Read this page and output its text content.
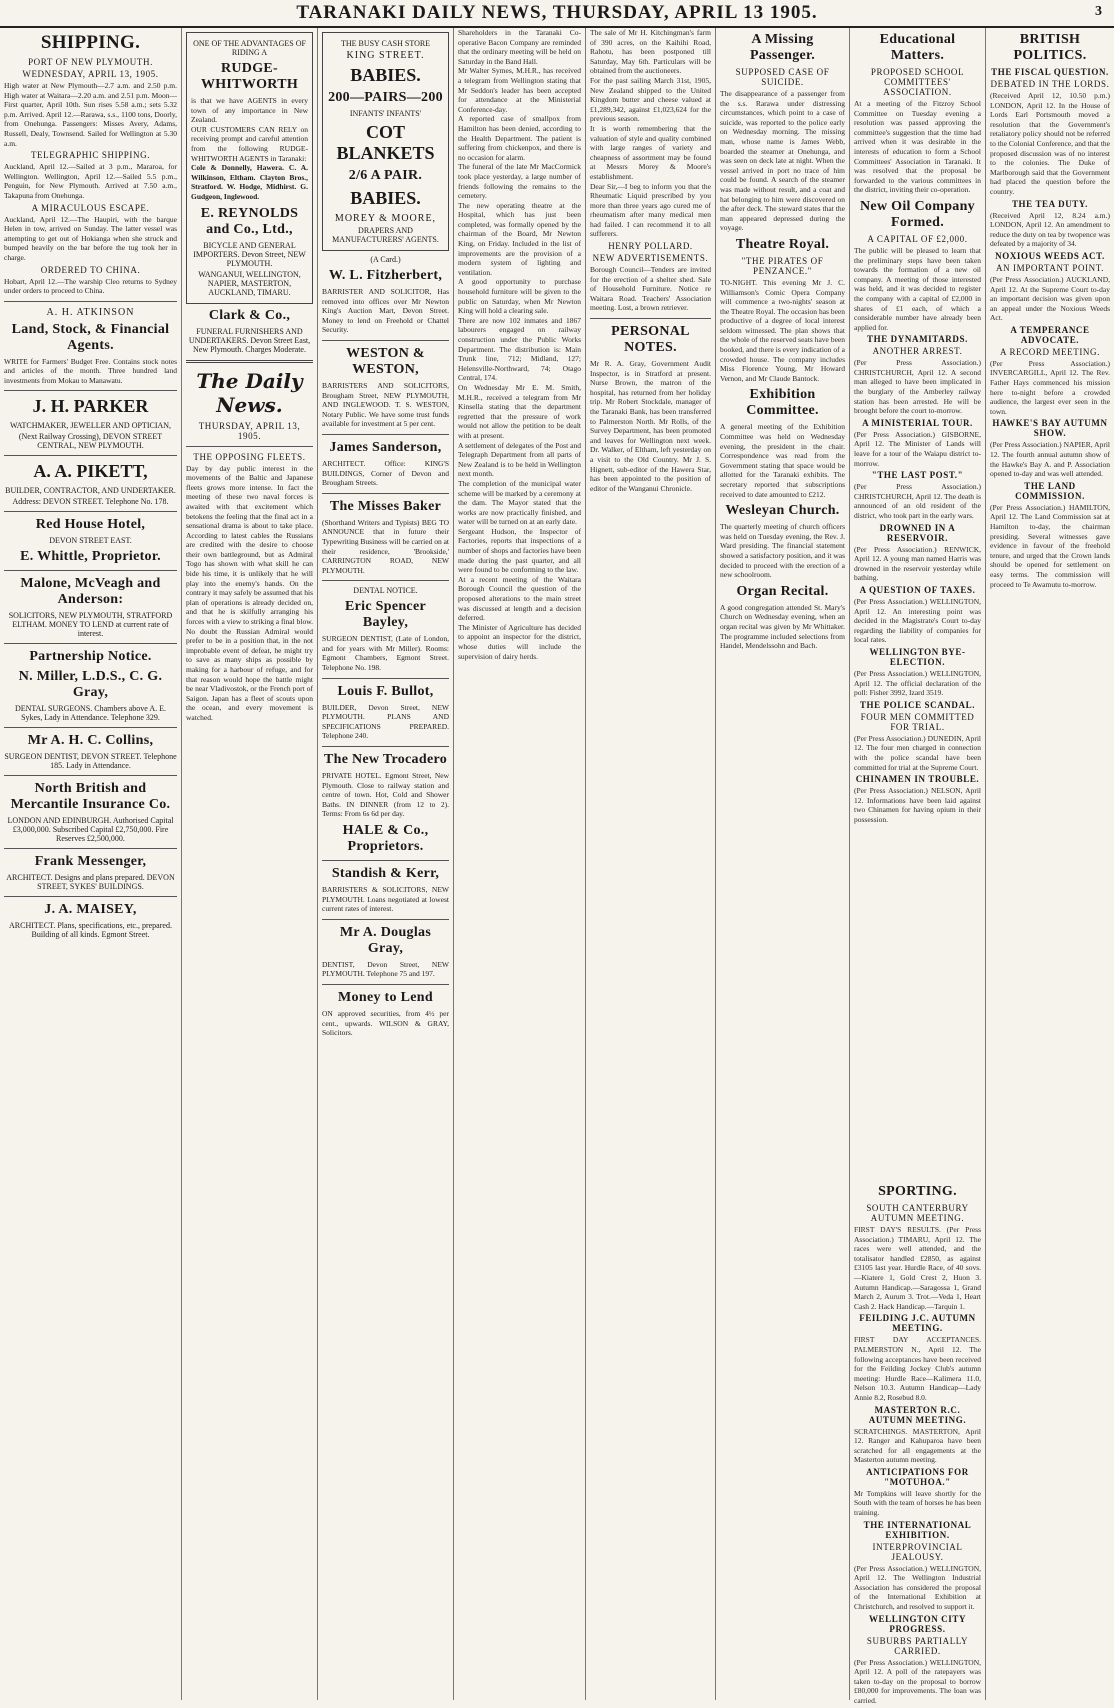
TARANAKI DAILY NEWS, THURSDAY, APRIL 13 1905.	3
SHIPPING.
PORT OF NEW PLYMOUTH.
WEDNESDAY, APRIL 13, 1905.

High water at New Plymouth—2.7 a.m. and 2.50 p.m. High water at Waitara—2.20 a.m. and 2.51 p.m. Moon—First quarter, April 10th. Sun rises 5.58 a.m.; sets 5.32 p.m. Arrived. April 12.—Rarawa, s.s., 1100 tons, Doorly, from Onehunga. Passengers: Misses Avery, Adams, Russell, Dealy, Townsend. Sailed for Wellington at 5.30 a.m.

TELEGRAPHIC SHIPPING.

Auckland, April 12.—Sailed at 3 p.m., Mararoa, for Wellington. Wellington, April 12.—Sailed 5.5 p.m., Penguin, for New Plymouth. Arrived at 7.50 a.m., Takapuna from Onehunga.

A MIRACULOUS ESCAPE.

Auckland, April 12.—The Haupiri, with the barque Helen in tow, arrived on Sunday. The latter vessel was attempting to get out of Hokianga when she struck and bumped heavily on the bar before the tug took her in charge.

ORDERED TO CHINA.

Hobart, April 12.—The warship Cleo returns to Sydney under orders to proceed to China.

A. H. ATKINSON
Land, Stock, & Financial Agents.

WRITE for Farmers' Budget Free. Contains stock notes and articles of the month. Three hundred land investments from Mokau to Manawatu.

J. H. PARKER
WATCHMAKER, JEWELLER AND OPTICIAN,
(Next Railway Crossing), DEVON STREET CENTRAL, NEW PLYMOUTH.
A. A. PIKETT,
BUILDER, CONTRACTOR, AND UNDERTAKER.
Address: DEVON STREET. Telephone No. 178.
Red House Hotel,
DEVON STREET EAST.
E. Whittle, Proprietor.
Malone, McVeagh and Anderson:
SOLICITORS, NEW PLYMOUTH, STRATFORD ELTHAM. MONEY TO LEND at current rate of interest.
Partnership Notice.
N. Miller, L.D.S., C. G. Gray,
DENTAL SURGEONS. Chambers above A. E. Sykes, Lady in Attendance. Telephone 329.
Mr A. H. C. Collins,
SURGEON DENTIST, DEVON STREET. Telephone 185. Lady in Attendance.
North British and Mercantile Insurance Co.
LONDON AND EDINBURGH. Authorised Capital £3,000,000. Subscribed Capital £2,750,000. Fire Reserves £2,500,000.
Frank Messenger,
ARCHITECT. Designs and plans prepared. DEVON STREET, SYKES' BUILDINGS.
J. A. MAISEY,
ARCHITECT. Plans, specifications, etc., prepared. Building of all kinds. Egmont Street.
ONE OF THE ADVANTAGES OF RIDING A
RUDGE-WHITWORTH

is that we have AGENTS in every town of any importance in New Zealand.

OUR CUSTOMERS CAN RELY on receiving prompt and careful attention from the following RUDGE-WHITWORTH AGENTS in Taranaki:

Cole & Donnelly, Hawera. C. A. Wilkinson, Eltham. Clayton Bros., Stratford. W. Hodge, Midhirst. G. Gudgeon, Inglewood.

E. REYNOLDS and Co., Ltd.,
BICYCLE AND GENERAL IMPORTERS. Devon Street, NEW PLYMOUTH.
WANGANUI, WELLINGTON, NAPIER, MASTERTON, AUCKLAND, TIMARU.
Clark & Co.,
FUNERAL FURNISHERS AND UNDERTAKERS. Devon Street East, New Plymouth. Charges Moderate.
The Daily News.
THURSDAY, APRIL 13, 1905.
THE OPPOSING FLEETS.

Day by day public interest in the movements of the Baltic and Japanese fleets grows more intense. In fact the meeting of these two naval forces is awaited with that excitement which betokens the feeling that the final act in a sensational drama is about to take place. According to latest cables the Russians are credited with the desire to choose their own battleground, but as Admiral Togo has shown with what skill he can bide his time, it is unlikely that he will play into the enemy's hands. On the contrary it may safely be assumed that his plan of operations is already decided on, and that he is skilfully arranging his forces with a view to striking a final blow. No doubt the Russian Admiral would prefer to be in a position that, in the not improbable event of defeat, he might try to save as many ships as possible by making for a harbour of refuge, and for that reason would hope the battle might be near Vladivostok, or the French port of Saigon. Japan has a fleet of scouts upon the ocean, and every movement is watched.

THE BUSY CASH STORE
KING STREET.
BABIES.
200—PAIRS—200
INFANTS' INFANTS'
COT BLANKETS
2/6 A PAIR.
BABIES.
MOREY & MOORE,
DRAPERS AND MANUFACTURERS' AGENTS.
(A Card.)
W. L. Fitzherbert,

BARRISTER AND SOLICITOR, Has removed into offices over Mr Newton King's Auction Mart, Devon Street. Money to lend on Freehold or Chattel Security.

WESTON & WESTON,

BARRISTERS AND SOLICITORS, Brougham Street, NEW PLYMOUTH, AND INGLEWOOD. T. S. WESTON, Notary Public. We have some trust funds available for investment at 5 per cent.

James Sanderson,

ARCHITECT. Office: KING'S BUILDINGS, Corner of Devon and Brougham Streets.

The Misses Baker

(Shorthand Writers and Typists) BEG TO ANNOUNCE that in future their Typewriting Business will be carried on at their residence, 'Brookside,' CARRINGTON ROAD, NEW PLYMOUTH.

DENTAL NOTICE.
Eric Spencer Bayley,

SURGEON DENTIST, (Late of London, and for years with Mr Miller). Rooms: Egmont Chambers, Egmont Street. Telephone No. 198.

Louis F. Bullot,

BUILDER, Devon Street, NEW PLYMOUTH. PLANS AND SPECIFICATIONS PREPARED. Telephone 240.

The New Trocadero

PRIVATE HOTEL. Egmont Street, New Plymouth. Close to railway station and centre of town. Hot, Cold and Shower Baths. IN DINNER (from 12 to 2). Terms: From 6s 6d per day.

HALE & Co., Proprietors.
Standish & Kerr,

BARRISTERS & SOLICITORS, NEW PLYMOUTH. Loans negotiated at lowest current rates of interest.

Mr A. Douglas Gray,

DENTIST, Devon Street, NEW PLYMOUTH. Telephone 75 and 197.

Money to Lend

ON approved securities, from 4½ per cent., upwards. WILSON & GRAY, Solicitors.

Shareholders in the Taranaki Co-operative Bacon Company are reminded that the ordinary meeting will be held on Saturday in the Band Hall.

Mr Walter Symes, M.H.R., has received a telegram from Wellington stating that Mr Seddon's leader has been accepted for attendance at the Ministerial Conference-day.

A reported case of smallpox from Hamilton has been denied, according to the Health Department. The patient is suffering from chickenpox, and there is no occasion for alarm.

The funeral of the late Mr MacCormick took place yesterday, a large number of friends following the remains to the cemetery.

The new operating theatre at the Hospital, which has just been completed, was formally opened by the chairman of the Board, Mr Newton King, on Friday. Included in the list of improvements are the provision of a modern system of lighting and ventilation.

A good opportunity to purchase household furniture will be given to the public on Saturday, when Mr Newton King will hold a clearing sale.

There are now 102 inmates and 1867 labourers engaged on railway construction under the Public Works Department. The distribution is: Main Trunk line, 712; Midland, 127; Helensville-Northward, 74; Otago Central, 174.

On Wednesday Mr E. M. Smith, M.H.R., received a telegram from Mr Kinsella stating that the department regretted that the pressure of work would not allow the petition to be dealt with at present.

A settlement of delegates of the Post and Telegraph Department from all parts of New Zealand is to be held in Wellington next month.

The completion of the municipal water scheme will be marked by a ceremony at the dam. The Mayor stated that the works are now practically finished, and water will be turned on at an early date.

Sergeant Hudson, the Inspector of Factories, reports that inspections of a number of shops and factories have been made during the past quarter, and all were found to be conforming to the law.

At a recent meeting of the Waitara Borough Council the question of the proposed alterations to the main street was discussed at length and a decision deferred.

The Minister of Agriculture has decided to appoint an inspector for the district, whose duties will include the supervision of dairy herds.

The sale of Mr H. Kitchingman's farm of 390 acres, on the Kaihihi Road, Rahotu, has been postponed till Saturday, May 6th. Particulars will be obtained from the auctioneers.

For the past sailing March 31st, 1905, New Zealand shipped to the United Kingdom butter and cheese valued at £1,289,342, against £1,023,624 for the previous season.

It is worth remembering that the valuation of style and quality combined with large ranges of variety and cheapness of assortment may be found at Messrs Morey & Moore's establishment.

Dear Sir,—I beg to inform you that the Rheumatic Liquid prescribed by you more than three years ago cured me of rheumatism after many medical men had failed. I can recommend it to all sufferers.

HENRY POLLARD.
NEW ADVERTISEMENTS.

Borough Council—Tenders are invited for the erection of a shelter shed. Sale of Household Furniture. Notice re Waitara Road. Teachers' Association meeting. Lost, a brown retriever.

PERSONAL NOTES.

Mr R. A. Gray, Government Audit Inspector, is in Stratford at present. Nurse Brown, the matron of the hospital, has returned from her holiday trip. Mr Robert Stockdale, manager of the Taranaki Bank, has been transferred to Palmerston North. Mr Rolls, of the Survey Department, has been promoted and leaves for Wellington next week. Dr. Walker, of Eltham, left yesterday on a visit to the Old Country. Mr J. S. Hignett, sub-editor of the Hawera Star, has been appointed to the position of editor of the Wanganui Chronicle.

A Missing Passenger.
SUPPOSED CASE OF SUICIDE.

The disappearance of a passenger from the s.s. Rarawa under distressing circumstances, which point to a case of suicide, was reported to the police early on Wednesday morning. The missing man, whose name is James Webb, boarded the steamer at Onehunga, and was seen on deck late at night. When the vessel arrived in port no trace of him could be found. A search of the steamer was made without result, and a coat and hat belonging to him were discovered on the after deck. The steward states that the man appeared depressed during the voyage.

Theatre Royal.
"THE PIRATES OF PENZANCE."

TO-NIGHT. This evening Mr J. C. Williamson's Comic Opera Company will commence a two-nights' season at the Theatre Royal. The occasion has been productive of a degree of local interest seldom witnessed. The plan shows that the whole of the reserved seats have been booked, and there is every indication of a crowded house. The company includes Miss Florence Young, Mr Howard Vernon, and Mr Claude Bantock.

Exhibition Committee.

A general meeting of the Exhibition Committee was held on Wednesday evening, the president in the chair. Correspondence was read from the Government stating that space would be allotted for the Taranaki exhibits. The secretary reported that subscriptions received to date amounted to £212.

Wesleyan Church.

The quarterly meeting of church officers was held on Tuesday evening, the Rev. J. Ward presiding. The financial statement showed a satisfactory position, and it was decided to proceed with the erection of a new schoolroom.

Organ Recital.

A good congregation attended St. Mary's Church on Wednesday evening, when an organ recital was given by Mr Whittaker. The programme included selections from Handel, Mendelssohn and Bach.

Educational Matters.
PROPOSED SCHOOL COMMITTEES' ASSOCIATION.

At a meeting of the Fitzroy School Committee on Tuesday evening a resolution was passed approving the committee's suggestion that the time had arrived when it was desirable in the interests of education to form a School Committees' Association in Taranaki. It was resolved that the proposal be forwarded to the various committees in the district, inviting their co-operation.

New Oil Company Formed.
A CAPITAL OF £2,000.

The public will be pleased to learn that the preliminary steps have been taken towards the formation of a new oil company. A meeting of those interested was held, and it was decided to register the company with a capital of £2,000 in shares of £1 each, of which a considerable number have already been applied for.

THE DYNAMITARDS.
ANOTHER ARREST.

(Per Press Association.) CHRISTCHURCH, April 12. A second man alleged to have been implicated in the burglary of the Amberley railway station has been arrested. He will be brought before the court to-morrow.

A MINISTERIAL TOUR.

(Per Press Association.) GISBORNE, April 12. The Minister of Lands will leave for a tour of the Waiapu district to-morrow.

"THE LAST POST."

(Per Press Association.) CHRISTCHURCH, April 12. The death is announced of an old resident of the district, who took part in the early wars.

DROWNED IN A RESERVOIR.

(Per Press Association.) RENWICK, April 12. A young man named Harris was drowned in the reservoir yesterday while bathing.

A QUESTION OF TAXES.

(Per Press Association.) WELLINGTON, April 12. An interesting point was decided in the Magistrate's Court to-day regarding the liability of companies for local rates.

WELLINGTON BYE-ELECTION.

(Per Press Association.) WELLINGTON, April 12. The official declaration of the poll: Fisher 3992, Izard 3519.

THE POLICE SCANDAL.
FOUR MEN COMMITTED FOR TRIAL.

(Per Press Association.) DUNEDIN, April 12. The four men charged in connection with the police scandal have been committed for trial at the Supreme Court.

CHINAMEN IN TROUBLE.

(Per Press Association.) NELSON, April 12. Informations have been laid against two Chinamen for having opium in their possession.

BRITISH POLITICS.
THE FISCAL QUESTION.
DEBATED IN THE LORDS.

(Received April 12, 10.50 p.m.) LONDON, April 12. In the House of Lords Earl Portsmouth moved a resolution that the Government's retaliatory policy should not be referred to the Colonial Conference, and that the proposed discussion was of no interest to the colonies. The Duke of Marlborough said that the Government had placed the question before the country.

THE TEA DUTY.

(Received April 12, 8.24 a.m.) LONDON, April 12. An amendment to reduce the duty on tea by twopence was defeated by a majority of 34.

NOXIOUS WEEDS ACT.
AN IMPORTANT POINT.

(Per Press Association.) AUCKLAND, April 12. At the Supreme Court to-day an important decision was given upon an appeal under the Noxious Weeds Act.

A TEMPERANCE ADVOCATE.
A RECORD MEETING.

(Per Press Association.) INVERCARGILL, April 12. The Rev. Father Hays commenced his mission here to-night before a crowded audience, the largest ever seen in the town.

HAWKE'S BAY AUTUMN SHOW.

(Per Press Association.) NAPIER, April 12. The fourth annual autumn show of the Hawke's Bay A. and P. Association opened to-day and was well attended.

THE LAND COMMISSION.

(Per Press Association.) HAMILTON, April 12. The Land Commission sat at Hamilton to-day, the chairman presiding. Several witnesses gave evidence in favour of the freehold tenure, and urged that the Crown lands should be opened for settlement on easy terms. The commission will proceed to Te Awamutu to-morrow.

SPORTING.
SOUTH CANTERBURY AUTUMN MEETING.

FIRST DAY'S RESULTS. (Per Press Association.) TIMARU, April 12. The races were well attended, and the totalisator handled £2850, as against £3105 last year. Hurdle Race, of 40 sovs.—Kiatere 1, Gold Crest 2, Huon 3. Autumn Handicap.—Saragossa 1, Grand March 2, Aurum 3. Trot.—Veda 1, Heart Cash 2. Hack Handicap.—Tarquin 1.

FEILDING J.C. AUTUMN MEETING.

FIRST DAY ACCEPTANCES. PALMERSTON N., April 12. The following acceptances have been received for the Feilding Jockey Club's autumn meeting: Hurdle Race—Kalimera 11.0, Nelson 10.3. Autumn Handicap—Lady Annie 8.2, Rosebud 8.0.

MASTERTON R.C. AUTUMN MEETING.

SCRATCHINGS. MASTERTON, April 12. Ranger and Kahuparoa have been scratched for all engagements at the Masterton autumn meeting.

ANTICIPATIONS FOR "MOTUHOA."

Mr Tompkins will leave shortly for the South with the team of horses he has been training.

THE INTERNATIONAL EXHIBITION.
INTERPROVINCIAL JEALOUSY.

(Per Press Association.) WELLINGTON, April 12. The Wellington Industrial Association has considered the proposal of the International Exhibition at Christchurch, and resolved to support it.

WELLINGTON CITY PROGRESS.
SUBURBS PARTIALLY CARRIED.

(Per Press Association.) WELLINGTON, April 12. A poll of the ratepayers was taken to-day on the proposal to borrow £80,000 for improvements. The loan was carried.
